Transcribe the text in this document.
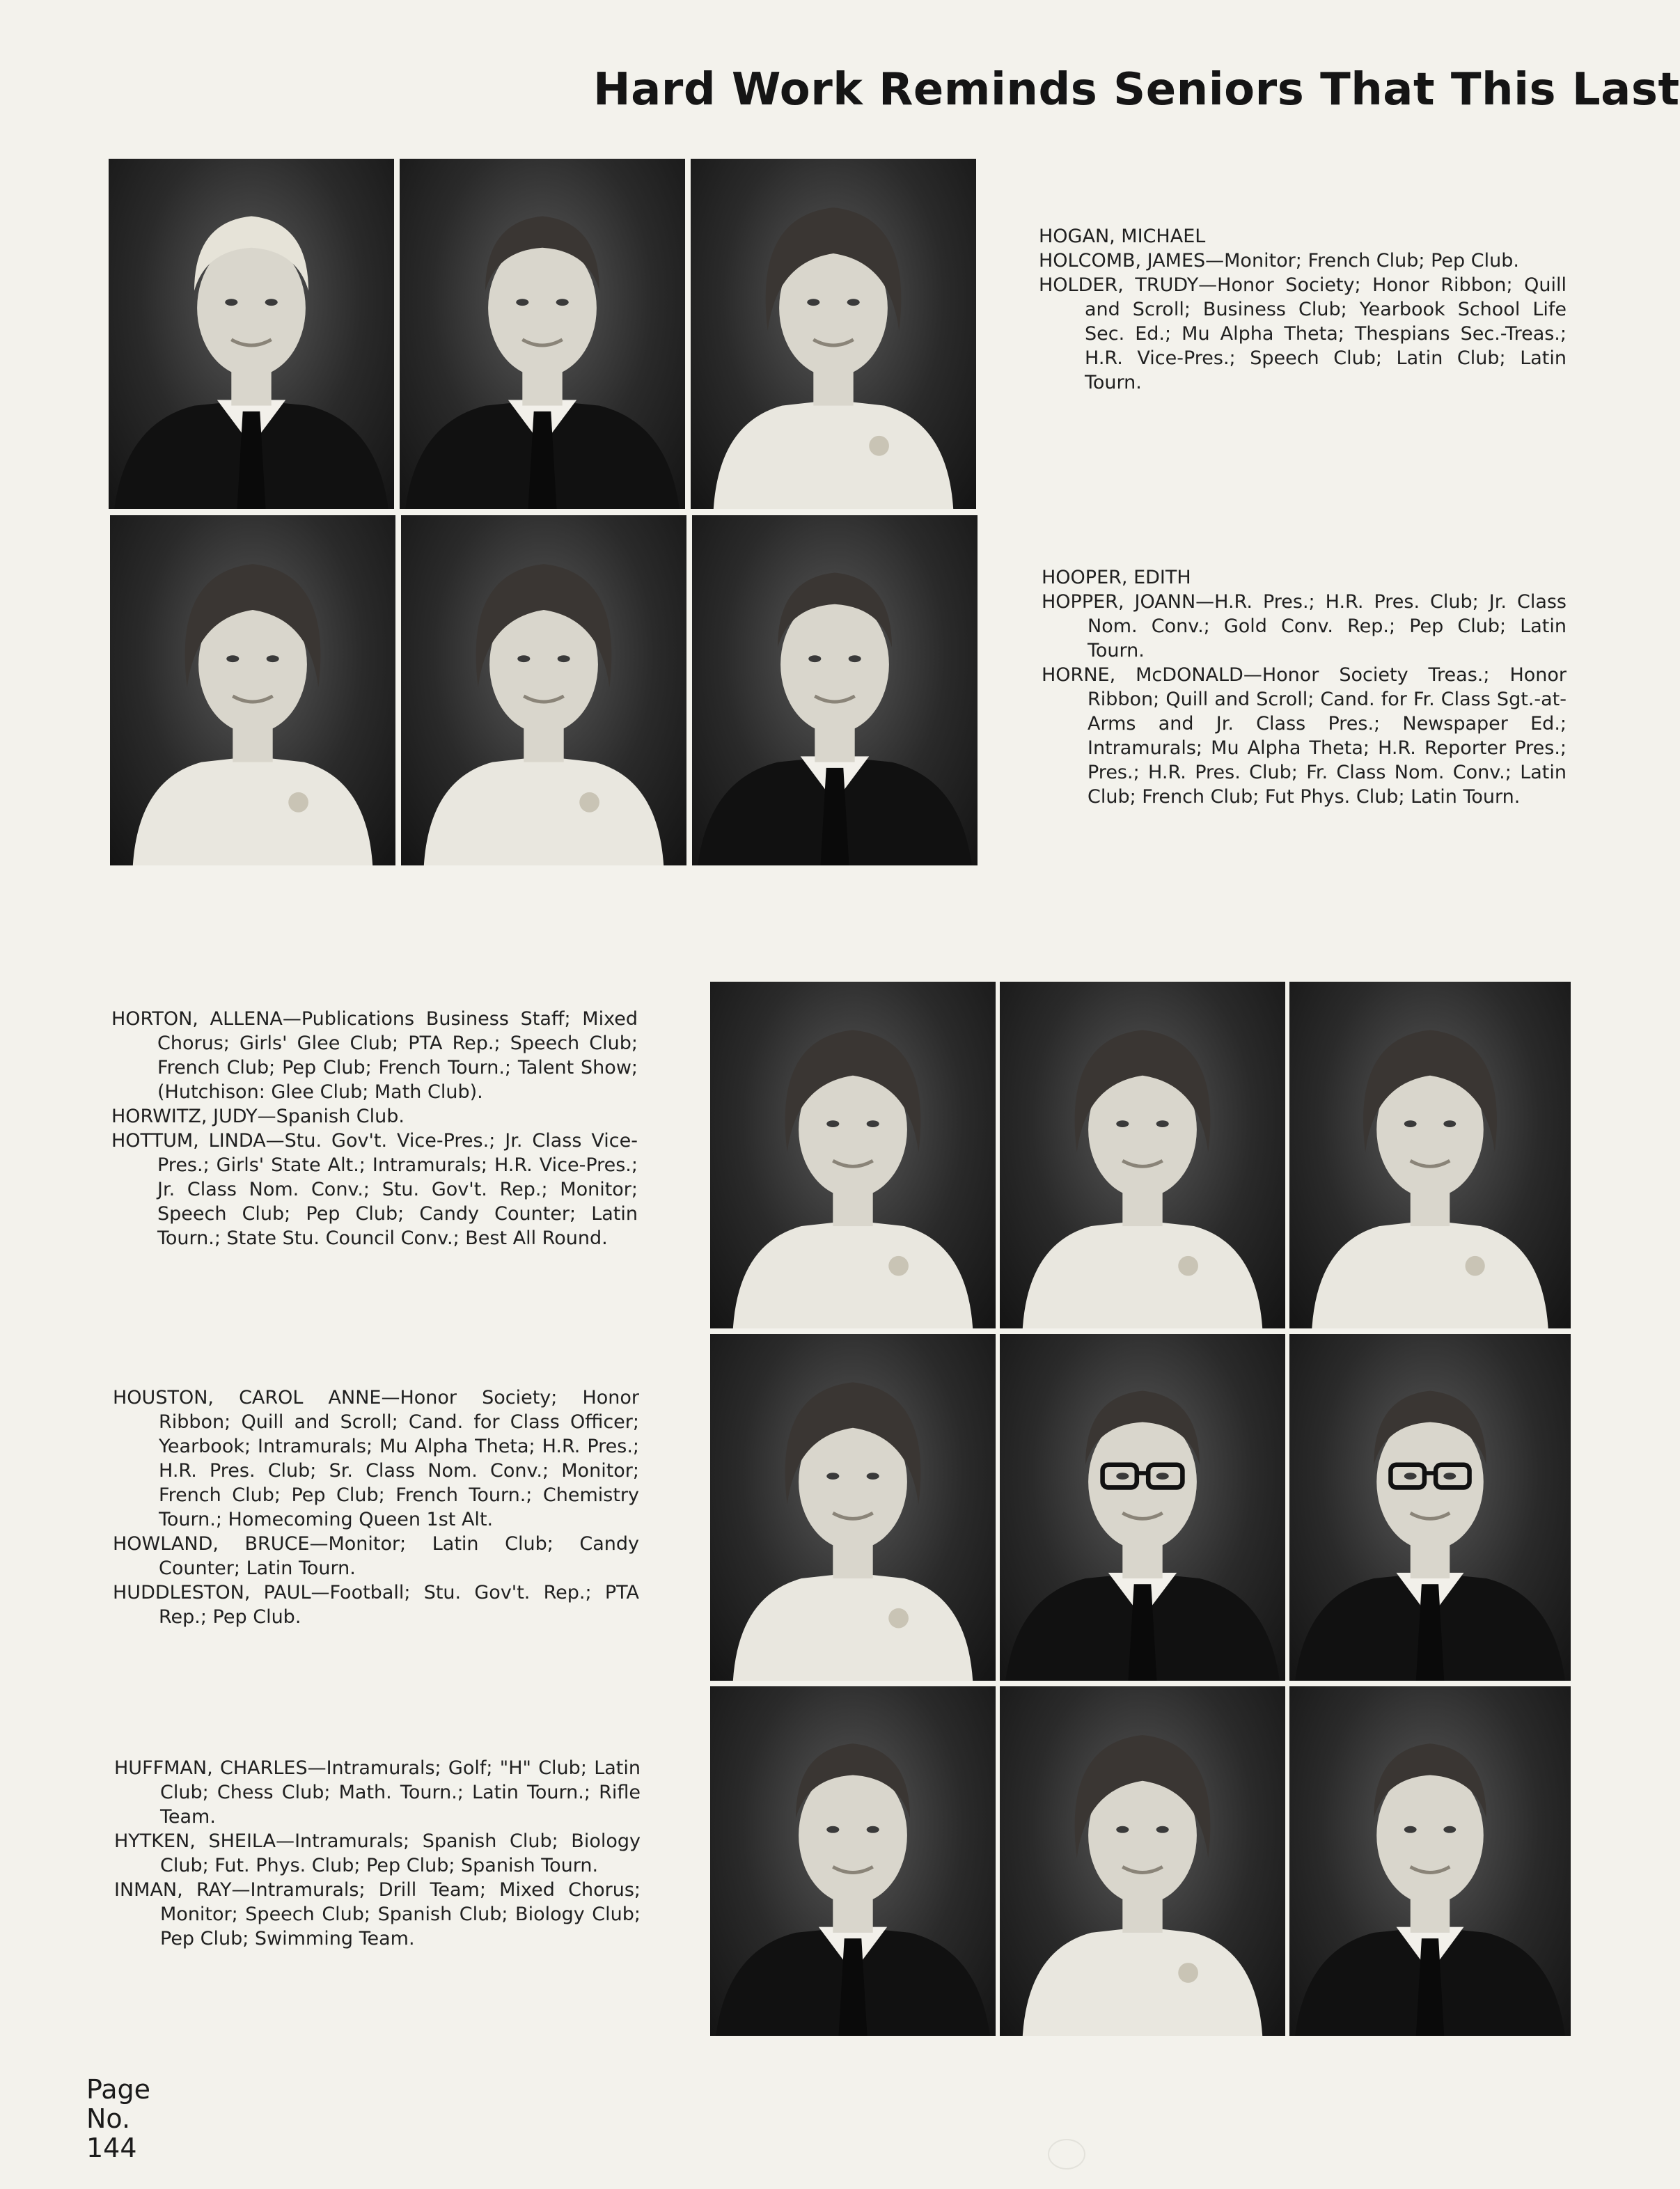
Hard Work Reminds Seniors That This Last

HOGAN, MICHAEL

HOLCOMB, JAMES—Monitor; French Club; Pep Club.

HOLDER, TRUDY—Honor Society; Honor Ribbon; Quill and Scroll; Business Club; Yearbook School Life Sec. Ed.; Mu Alpha Theta; Thespians Sec.-Treas.; H.R. Vice-Pres.; Speech Club; Latin Club; Latin Tourn.

HOOPER, EDITH

HOPPER, JOANN—H.R. Pres.; H.R. Pres. Club; Jr. Class Nom. Conv.; Gold Conv. Rep.; Pep Club; Latin Tourn.

HORNE, McDONALD—Honor Society Treas.; Honor Ribbon; Quill and Scroll; Cand. for Fr. Class Sgt.-at-Arms and Jr. Class Pres.; Newspaper Ed.; Intramurals; Mu Alpha Theta; H.R. Reporter Pres.; Pres.; H.R. Pres. Club; Fr. Class Nom. Conv.; Latin Club; French Club; Fut Phys. Club; Latin Tourn.

HORTON, ALLENA—Publications Business Staff; Mixed Chorus; Girls' Glee Club; PTA Rep.; Speech Club; French Club; Pep Club; French Tourn.; Talent Show; (Hutchison: Glee Club; Math Club).

HORWITZ, JUDY—Spanish Club.

HOTTUM, LINDA—Stu. Gov't. Vice-Pres.; Jr. Class Vice-Pres.; Girls' State Alt.; Intramurals; H.R. Vice-Pres.; Jr. Class Nom. Conv.; Stu. Gov't. Rep.; Monitor; Speech Club; Pep Club; Candy Counter; Latin Tourn.; State Stu. Council Conv.; Best All Round.

HOUSTON, CAROL ANNE—Honor Society; Honor Ribbon; Quill and Scroll; Cand. for Class Officer; Yearbook; Intramurals; Mu Alpha Theta; H.R. Pres.; H.R. Pres. Club; Sr. Class Nom. Conv.; Monitor; French Club; Pep Club; French Tourn.; Chemistry Tourn.; Homecoming Queen 1st Alt.

HOWLAND, BRUCE—Monitor; Latin Club; Candy Counter; Latin Tourn.

HUDDLESTON, PAUL—Football; Stu. Gov't. Rep.; PTA Rep.; Pep Club.

HUFFMAN, CHARLES—Intramurals; Golf; "H" Club; Latin Club; Chess Club; Math. Tourn.; Latin Tourn.; Rifle Team.

HYTKEN, SHEILA—Intramurals; Spanish Club; Biology Club; Fut. Phys. Club; Pep Club; Spanish Tourn.

INMAN, RAY—Intramurals; Drill Team; Mixed Chorus; Monitor; Speech Club; Spanish Club; Biology Club; Pep Club; Swimming Team.

Page
No.
144
